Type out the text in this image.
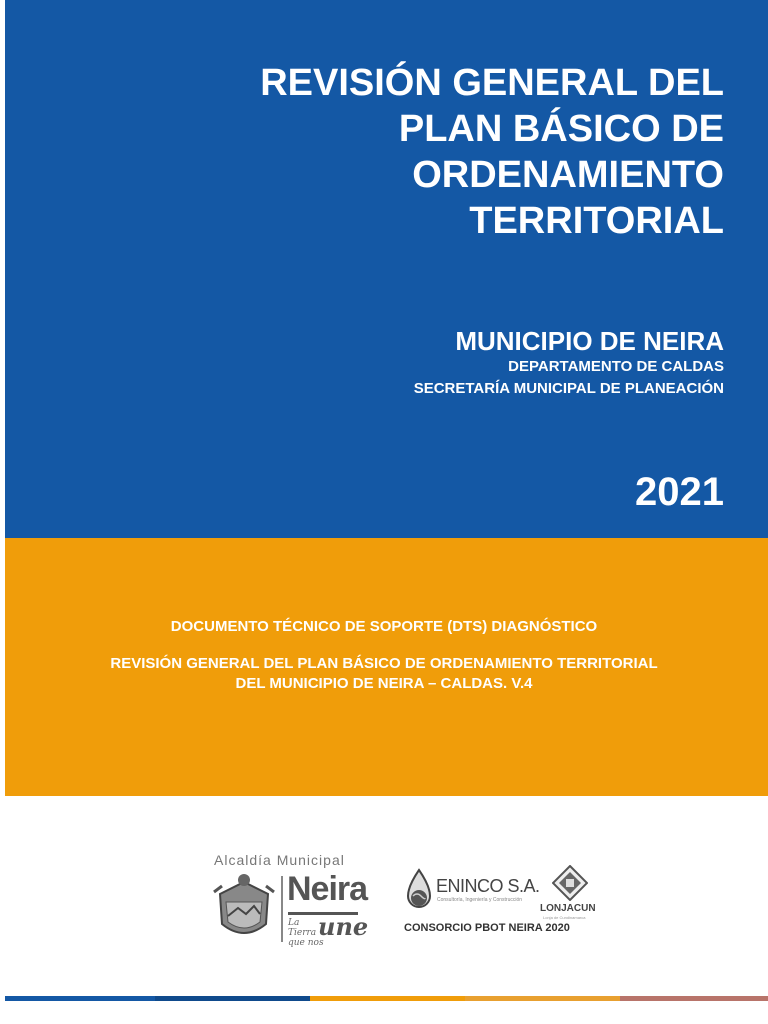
REVISIÓN GENERAL DEL
PLAN BÁSICO DE
ORDENAMIENTO
TERRITORIAL
MUNICIPIO DE NEIRA
DEPARTAMENTO DE CALDAS
SECRETARÍA MUNICIPAL DE PLANEACIÓN
2021
DOCUMENTO TÉCNICO DE SOPORTE (DTS) DIAGNÓSTICO
REVISIÓN GENERAL DEL PLAN BÁSICO DE ORDENAMIENTO TERRITORIAL
DEL MUNICIPIO DE NEIRA – CALDAS. V.4
Alcaldía Municipal
Neira
La Tierra que nos
une
ENINCO S.A.
Consultoría, Ingeniería y Construcción
LONJACUN
Lonja de Cundinamarca
CONSORCIO PBOT NEIRA 2020
